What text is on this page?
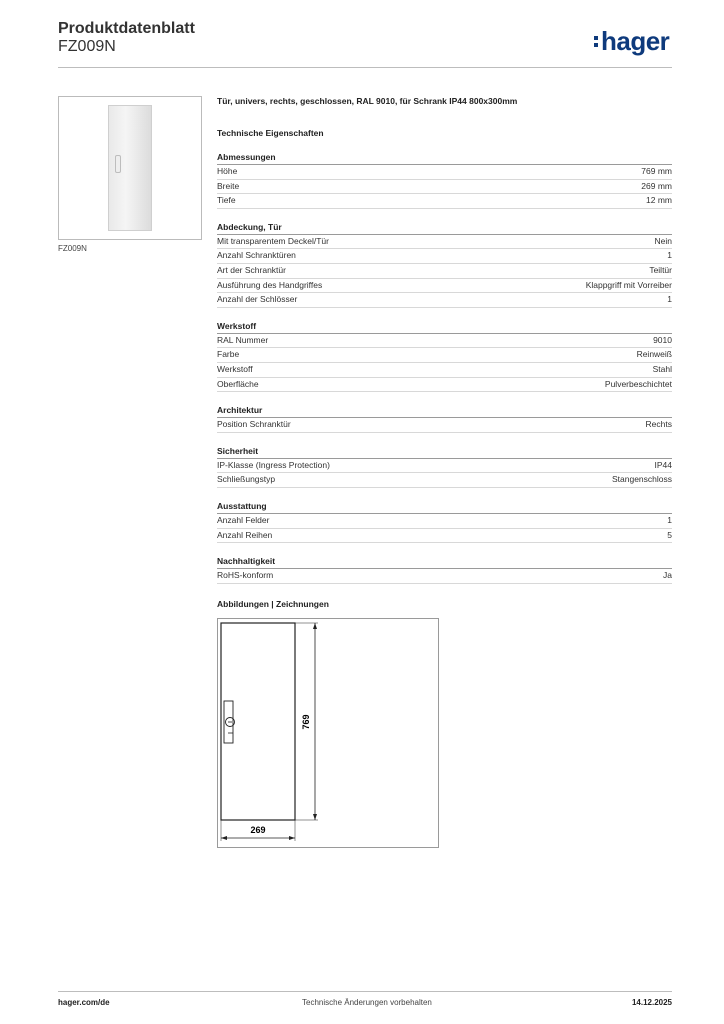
Produktdatenblatt
FZ009N	hager
FZ009N
Tür, univers, rechts, geschlossen, RAL 9010, für Schrank IP44 800x300mm
Technische Eigenschaften
Abmessungen
Höhe	769 mm
Breite	269 mm
Tiefe	12 mm
Abdeckung, Tür
Mit transparentem Deckel/Tür	Nein
Anzahl Schranktüren	1
Art der Schranktür	Teiltür
Ausführung des Handgriffes	Klappgriff mit Vorreiber
Anzahl der Schlösser	1
Werkstoff
RAL Nummer	9010
Farbe	Reinweiß
Werkstoff	Stahl
Oberfläche	Pulverbeschichtet
Architektur
Position Schranktür	Rechts
Sicherheit
IP-Klasse (Ingress Protection)	IP44
Schließungstyp	Stangenschloss
Ausstattung
Anzahl Felder	1
Anzahl Reihen	5
Nachhaltigkeit
RoHS-konform	Ja
Abbildungen | Zeichnungen
769
269
hager.com/de	Technische Änderungen vorbehalten	14.12.2025
